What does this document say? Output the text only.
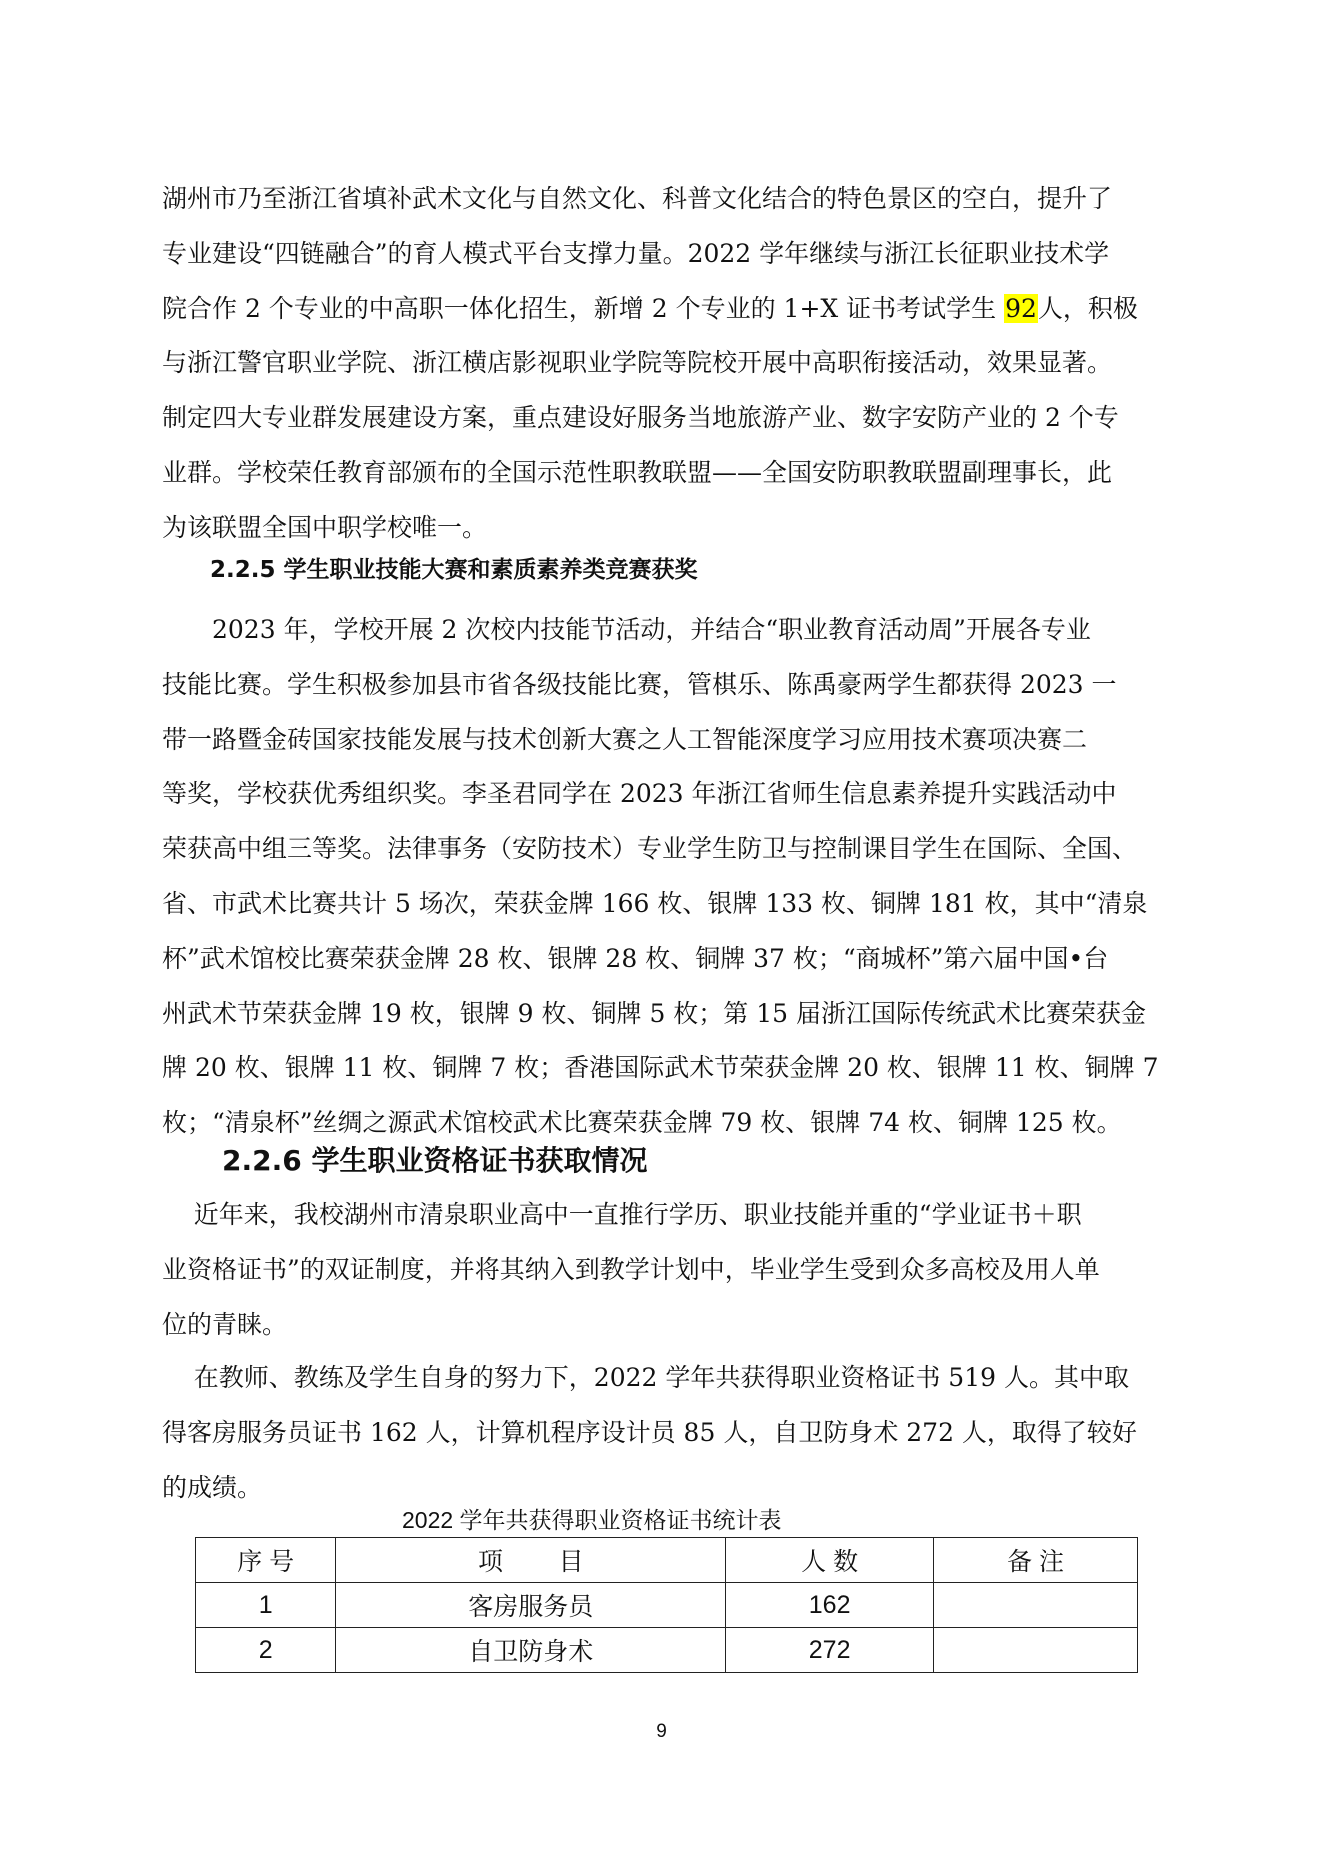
湖州市乃至浙江省填补武术文化与自然文化、科普文化结合的特色景区的空白，提升了
专业建设“四链融合”的育人模式平台支撑力量。2022 学年继续与浙江长征职业技术学
院合作 2 个专业的中高职一体化招生，新增 2 个专业的 1+X 证书考试学生 92人，积极
与浙江警官职业学院、浙江横店影视职业学院等院校开展中高职衔接活动，效果显著。
制定四大专业群发展建设方案，重点建设好服务当地旅游产业、数字安防产业的 2 个专
业群。学校荣任教育部颁布的全国示范性职教联盟——全国安防职教联盟副理事长，此
为该联盟全国中职学校唯一。
2.2.5 学生职业技能大赛和素质素养类竞赛获奖
2023 年，学校开展 2 次校内技能节活动，并结合“职业教育活动周”开展各专业
技能比赛。学生积极参加县市省各级技能比赛，管棋乐、陈禹豪两学生都获得 2023 一
带一路暨金砖国家技能发展与技术创新大赛之人工智能深度学习应用技术赛项决赛二
等奖，学校获优秀组织奖。李圣君同学在 2023 年浙江省师生信息素养提升实践活动中
荣获高中组三等奖。法律事务（安防技术）专业学生防卫与控制课目学生在国际、全国、
省、市武术比赛共计 5 场次，荣获金牌 166 枚、银牌 133 枚、铜牌 181 枚，其中“清泉
杯”武术馆校比赛荣获金牌 28 枚、银牌 28 枚、铜牌 37 枚；“商城杯”第六届中国•台
州武术节荣获金牌 19 枚，银牌 9 枚、铜牌 5 枚；第 15 届浙江国际传统武术比赛荣获金
牌 20 枚、银牌 11 枚、铜牌 7 枚；香港国际武术节荣获金牌 20 枚、银牌 11 枚、铜牌 7
枚；“清泉杯”丝绸之源武术馆校武术比赛荣获金牌 79 枚、银牌 74 枚、铜牌 125 枚。
2.2.6 学生职业资格证书获取情况
近年来，我校湖州市清泉职业高中一直推行学历、职业技能并重的“学业证书＋职
业资格证书”的双证制度，并将其纳入到教学计划中，毕业学生受到众多高校及用人单
位的青睐。
在教师、教练及学生自身的努力下，2022 学年共获得职业资格证书 519 人。其中取
得客房服务员证书 162 人，计算机程序设计员 85 人，自卫防身术 272 人，取得了较好
的成绩。
2022 学年共获得职业资格证书统计表
序 号	项        目	人 数	备 注
1	客房服务员	162	
2	自卫防身术	272	
9
